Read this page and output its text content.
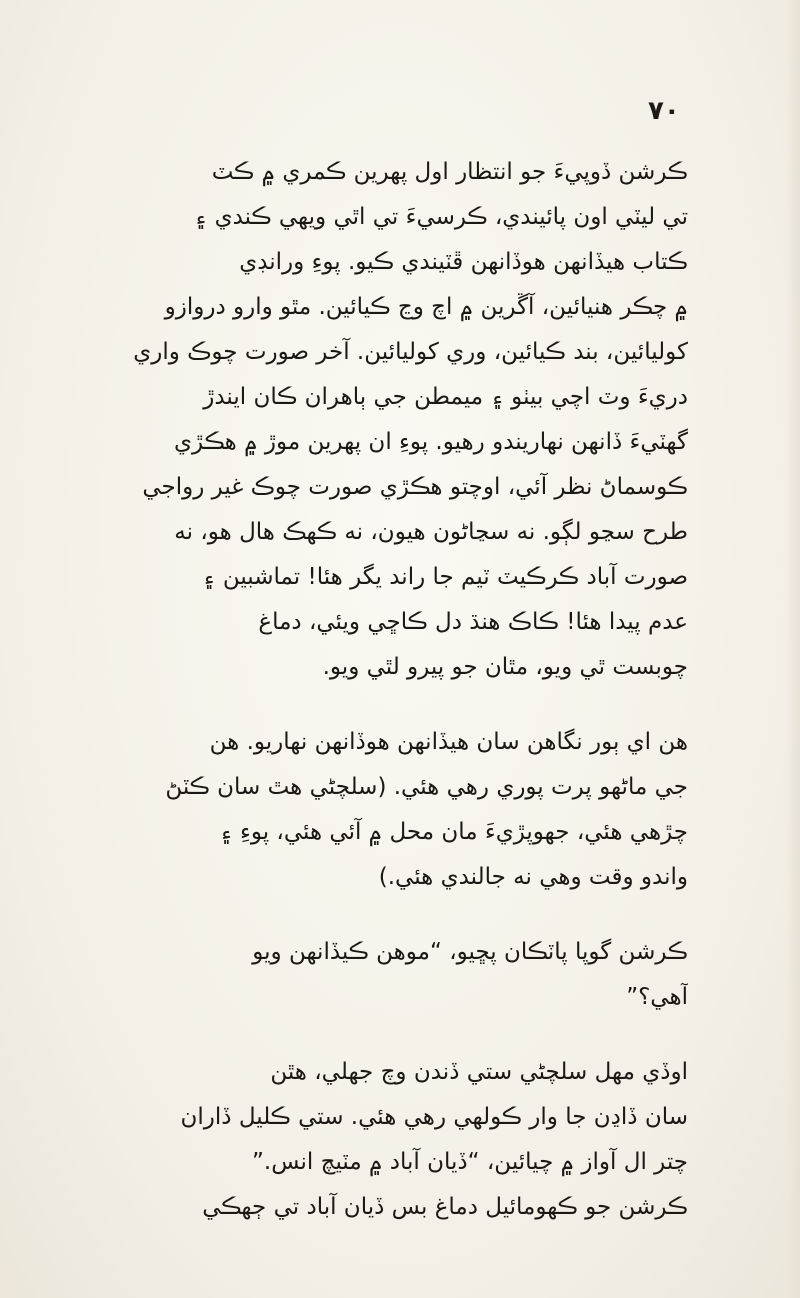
٧٠
ڪرشن ڏوپيءَ جو انتظار اول پهرين ڪمري ۾ ڪٽ
تي ليٽي اون پائيندي، ڪرسيءَ تي اٿي ويهي ڪندي ۽
ڪتاب هيڏانهن هوڏانهن ڦٽيندي ڪيو. پوءِ ورانڊي
۾ چڪر هنيائين، آڱرين ۾ اچ وڃ ڪيائين. مٿو وارو دروازو
کوليائين، بند ڪيائين، وري کوليائين. آخر صورت چوڪ واري
دريءَ وٽ اچي بيٺو ۽ ميمطن جي ٻاهران ڪان ايندڙ
گهٽيءَ ڏانهن نهاريندو رهيو. پوءِ ان پهرين موڙ ۾ هڪڙي
ڪوسماڻ نظر آئي، اوچتو هڪڙي صورت چوڪ غير رواجي
طرح سڃو لڳو. نه سڃاڻون هيون، نه ڪهڪ هال هو، نه
صورت آباد ڪرڪيٽ ٽيم جا راند يگر هئا! تماشبين ۽
عدم پيدا هئا! ڪاڪ هنڌ دل ڪاڇي ويئي، دماغ
چوبست ٿي ويو، مٿان جو پيرو لٿي ويو.
هن اي ٻور نگاهن سان هيڏانهن هوڏانهن نهاريو. هن
جي ماڻهو پرت پوري رهي هئي. (سلچڻي هٿ سان ڪٽڻ
چڙهي هئي، جهوپڙيءَ مان محل ۾ آئي هئي، پوءِ ۽
واندو وقت وهي نه جالندي هئي.)
ڪرشن گوپا پاٽڪان پڇيو، “موهن ڪيڏانهن ويو
آهي؟”
اوڏي مهل سلچڻي ستي ڏندن وچ جهلي، هٿن
سان ڏاڍن جا وار ڪولهي رهي هئي. ستي ڪليل ڏاران
چتر ال آواز ۾ چيائين، “ڏيان آباد ۾ مٽيچ انس.”
ڪرشن جو ڪهومائيل دماغ بس ڏيان آباد تي ڄهڪي
